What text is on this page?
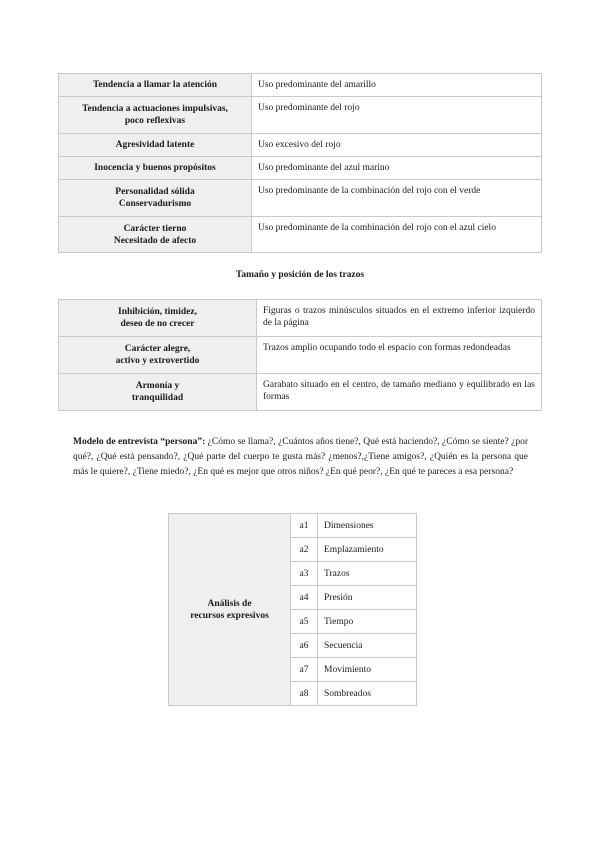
Tendencia a llamar la atención	Uso predominante del amarillo
Tendencia a actuaciones impulsivas,
poco reflexivas	Uso predominante del rojo
Agresividad latente	Uso excesivo del rojo
Inocencia y buenos propósitos	Uso predominante del azul marino
Personalidad sólida
Conservadurismo	Uso predominante de la combinación del rojo con el verde
Carácter tierno
Necesitado de afecto	Uso predominante de la combinación del rojo con el azul cielo
Tamaño y posición de los trazos
Inhibición, timidez,
deseo de no crecer	Figuras o trazos minúsculos situados en el extremo inferior izquierdo de la página
Carácter alegre,
activo y extrovertido	Trazos amplio ocupando todo el espacio con formas redondeadas
Armonía y
tranquilidad	Garabato situado en el centro, de tamaño mediano y equilibrado en las formas

Modelo de entrevista “persona”: ¿Cómo se llama?, ¿Cuántos años tiene?, Qué está haciendo?, ¿Cómo se siente? ¿por qué?, ¿Qué está pensando?, ¿Qué parte del cuerpo te gusta más? ¿menos?,¿Tiene amigos?, ¿Quién es la persona que más le quiere?, ¿Tiene miedo?, ¿En qué es mejor que otros niños? ¿En qué peor?, ¿En qué te pareces a esa persona?

Análisis de
recursos expresivos	a1	Dimensiones
	a2	Emplazamiento
	a3	Trazos
	a4	Presión
	a5	Tiempo
	a6	Secuencia
	a7	Movimiento
	a8	Sombreados
